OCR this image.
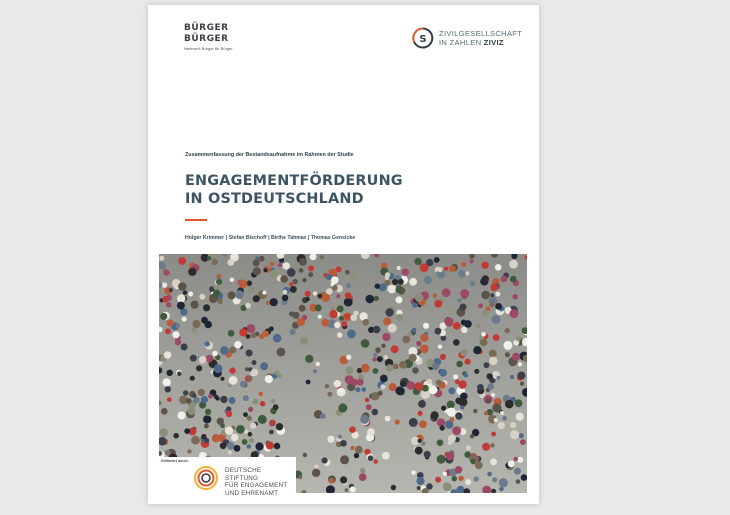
BÜRGER
BÜRGER
Netzwerk Bürger für Bürger
S
ZIVILGESELLSCHAFT
IN ZAHLEN ZIVIZ
Zusammenfassung der Bestandsaufnahme im Rahmen der Studie
ENGAGEMENTFÖRDERUNG
IN OSTDEUTSCHLAND
Holger Krimmer | Stefan Bischoff | Birthe Tahmaz | Thomas Gensicke
Gefördert durch:
DEUTSCHE STIFTUNG
FÜR ENGAGEMENT
UND EHRENAMT
